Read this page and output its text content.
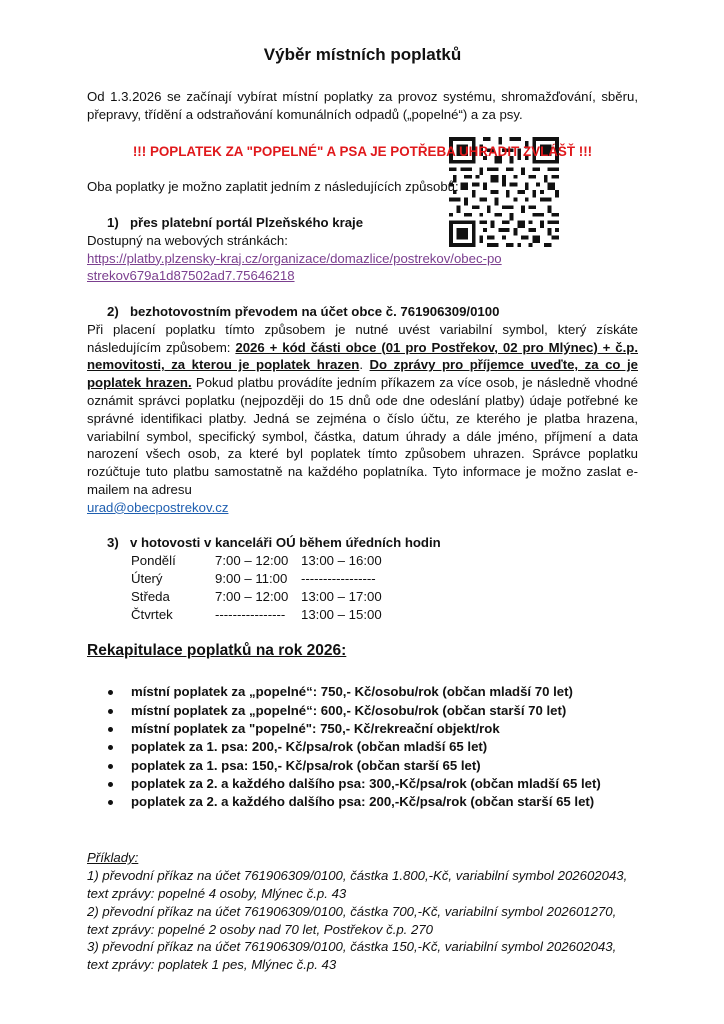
Výběr místních poplatků

Od 1.3.2026 se začínají vybírat místní poplatky za provoz systému, shromažďování, sběru, přepravy, třídění a odstraňování komunálních odpadů („popelné“) a za psy.

!!! POPLATEK ZA "POPELNÉ" A PSA JE POTŘEBA UHRADIT ZVLÁŠŤ !!!

Oba poplatky je možno zaplatit jedním z následujících způsobů:

1) přes platební portál Plzeňského kraje

Dostupný na webových stránkách:

https://platby.plzensky-kraj.cz/organizace/domazlice/postrekov/obec-postrekov679a1d87502ad7.75646218

2) bezhotovostním převodem na účet obce č. 761906309/0100

Při placení poplatku tímto způsobem je nutné uvést variabilní symbol, který získáte následujícím způsobem: 2026 + kód části obce (01 pro Postřekov, 02 pro Mlýnec) + č.p. nemovitosti, za kterou je poplatek hrazen. Do zprávy pro příjemce uveďte, za co je poplatek hrazen. Pokud platbu provádíte jedním příkazem za více osob, je následně vhodné oznámit správci poplatku (nejpozději do 15 dnů ode dne odeslání platby) údaje potřebné ke správné identifikaci platby. Jedná se zejména o číslo účtu, ze kterého je platba hrazena, variabilní symbol, specifický symbol, částka, datum úhrady a dále jméno, příjmení a data narození všech osob, za které byl poplatek tímto způsobem uhrazen. Správce poplatku rozúčtuje tuto platbu samostatně na každého poplatníka. Tyto informace je možno zaslat e-mailem na adresu

urad@obecpostrekov.cz

3) v hotovosti v kanceláři OÚ během úředních hodin
Pondělí	7:00 – 12:00	13:00 – 16:00
Úterý	9:00 – 11:00	-----------------
Středa	7:00 – 12:00	13:00 – 17:00
Čtvrtek	----------------	13:00 – 15:00
Rekapitulace poplatků na rok 2026:
místní poplatek za „popelné“: 750,- Kč/osobu/rok (občan mladší 70 let)
místní poplatek za „popelné“: 600,- Kč/osobu/rok (občan starší 70 let)
místní poplatek za "popelné": 750,- Kč/rekreační objekt/rok
poplatek za 1. psa: 200,- Kč/psa/rok (občan mladší 65 let)
poplatek za 1. psa: 150,- Kč/psa/rok (občan starší 65 let)
poplatek za 2. a každého dalšího psa: 300,-Kč/psa/rok (občan mladší 65 let)
poplatek za 2. a každého dalšího psa: 200,-Kč/psa/rok (občan starší 65 let)

Příklady:

1) převodní příkaz na účet 761906309/0100, částka 1.800,-Kč, variabilní symbol 202602043, text zprávy: popelné 4 osoby, Mlýnec č.p. 43

2) převodní příkaz na účet 761906309/0100, částka 700,-Kč, variabilní symbol 202601270, text zprávy: popelné 2 osoby nad 70 let, Postřekov č.p. 270

3) převodní příkaz na účet 761906309/0100, částka 150,-Kč, variabilní symbol 202602043, text zprávy: poplatek 1 pes, Mlýnec č.p. 43
